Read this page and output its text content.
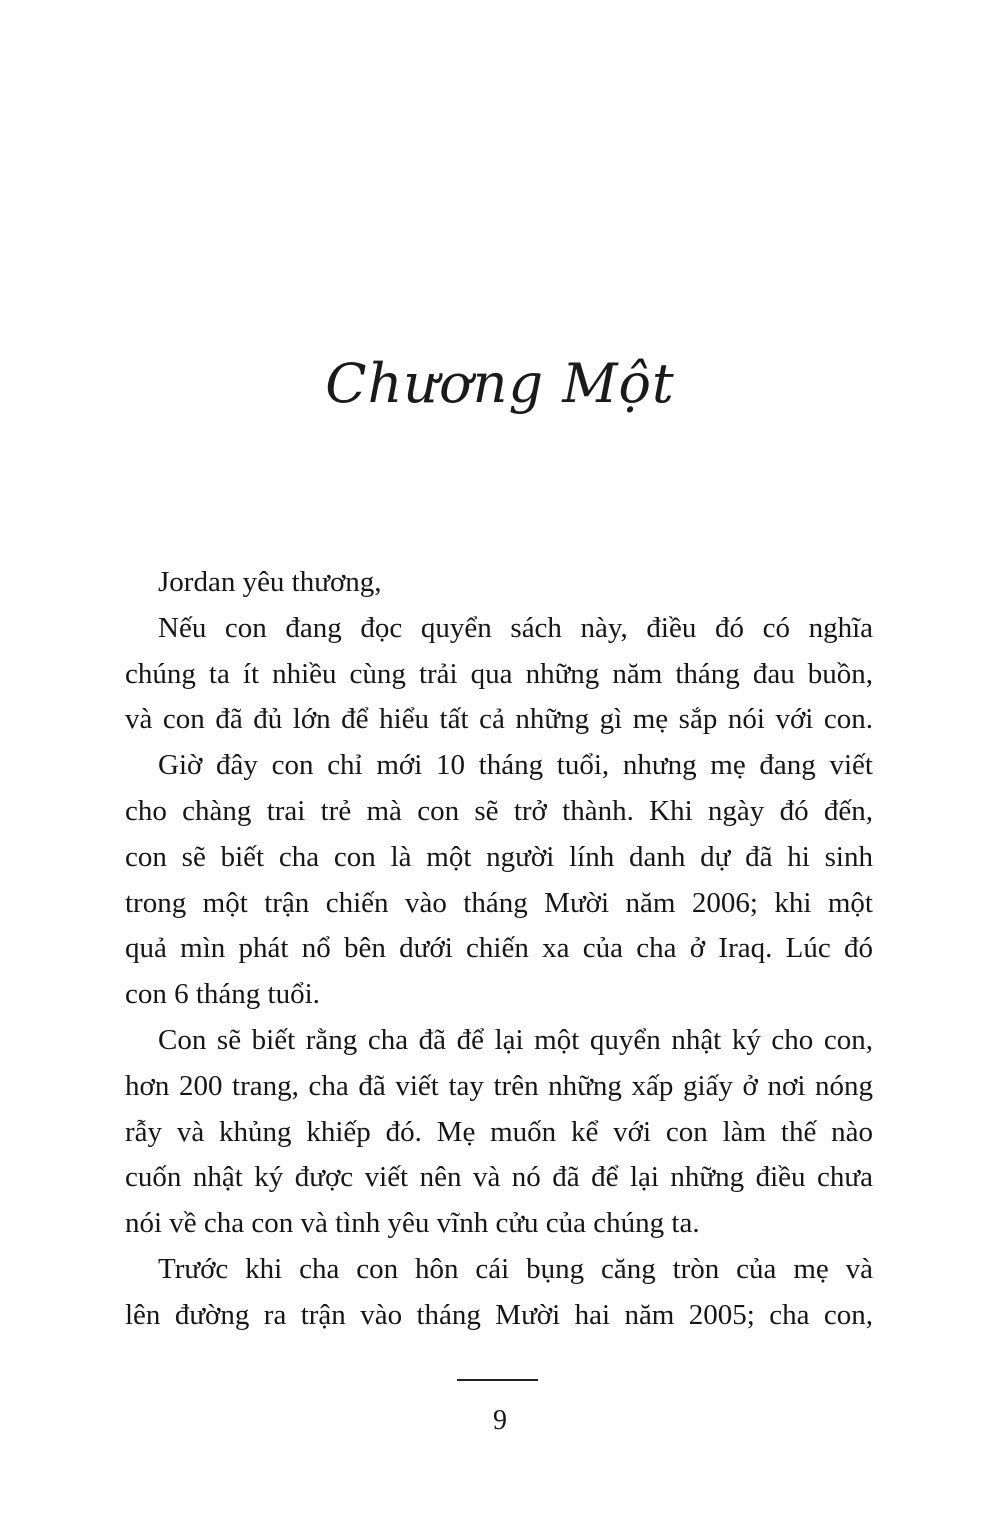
Chương Một
Jordan yêu thương,
Nếu con đang đọc quyển sách này, điều đó có nghĩa
chúng ta ít nhiều cùng trải qua những năm tháng đau buồn,
và con đã đủ lớn để hiểu tất cả những gì mẹ sắp nói với con.
Giờ đây con chỉ mới 10 tháng tuổi, nhưng mẹ đang viết
cho chàng trai trẻ mà con sẽ trở thành. Khi ngày đó đến,
con sẽ biết cha con là một người lính danh dự đã hi sinh
trong một trận chiến vào tháng Mười năm 2006; khi một
quả mìn phát nổ bên dưới chiến xa của cha ở Iraq. Lúc đó
con 6 tháng tuổi.
Con sẽ biết rằng cha đã để lại một quyển nhật ký cho con,
hơn 200 trang, cha đã viết tay trên những xấp giấy ở nơi nóng
rẫy và khủng khiếp đó. Mẹ muốn kể với con làm thế nào
cuốn nhật ký được viết nên và nó đã để lại những điều chưa
nói về cha con và tình yêu vĩnh cửu của chúng ta.
Trước khi cha con hôn cái bụng căng tròn của mẹ và
lên đường ra trận vào tháng Mười hai năm 2005; cha con,
9
